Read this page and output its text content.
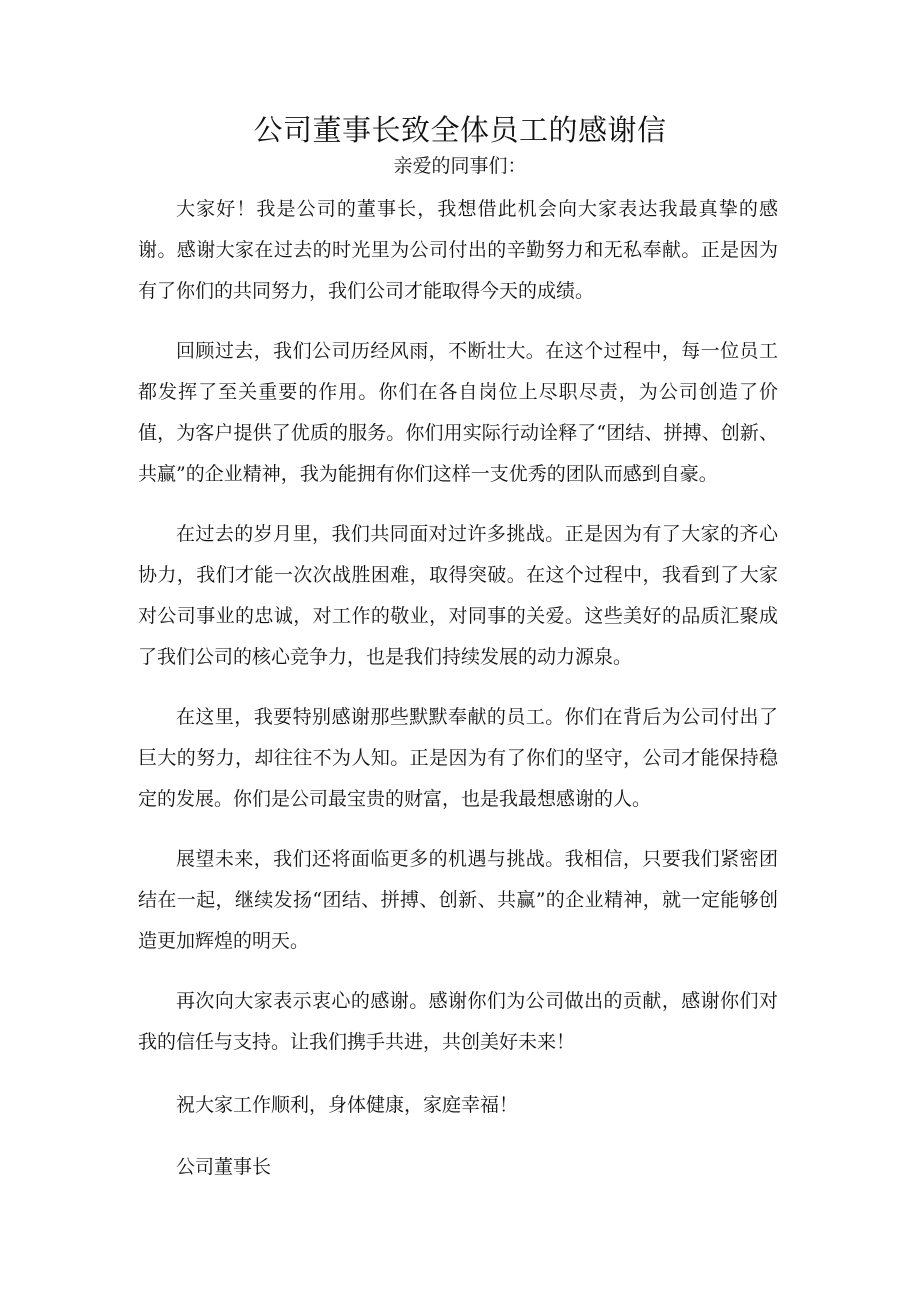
公司董事长致全体员工的感谢信
亲爱的同事们：

大家好！我是公司的董事长，我想借此机会向大家表达我最真挚的感谢。感谢大家在过去的时光里为公司付出的辛勤努力和无私奉献。正是因为有了你们的共同努力，我们公司才能取得今天的成绩。

回顾过去，我们公司历经风雨，不断壮大。在这个过程中，每一位员工都发挥了至关重要的作用。你们在各自岗位上尽职尽责，为公司创造了价值，为客户提供了优质的服务。你们用实际行动诠释了“团结、拼搏、创新、共赢”的企业精神，我为能拥有你们这样一支优秀的团队而感到自豪。

在过去的岁月里，我们共同面对过许多挑战。正是因为有了大家的齐心协力，我们才能一次次战胜困难，取得突破。在这个过程中，我看到了大家对公司事业的忠诚，对工作的敬业，对同事的关爱。这些美好的品质汇聚成了我们公司的核心竞争力，也是我们持续发展的动力源泉。

在这里，我要特别感谢那些默默奉献的员工。你们在背后为公司付出了巨大的努力，却往往不为人知。正是因为有了你们的坚守，公司才能保持稳定的发展。你们是公司最宝贵的财富，也是我最想感谢的人。

展望未来，我们还将面临更多的机遇与挑战。我相信，只要我们紧密团结在一起，继续发扬“团结、拼搏、创新、共赢”的企业精神，就一定能够创造更加辉煌的明天。

再次向大家表示衷心的感谢。感谢你们为公司做出的贡献，感谢你们对我的信任与支持。让我们携手共进，共创美好未来！

祝大家工作顺利，身体健康，家庭幸福！

公司董事长
